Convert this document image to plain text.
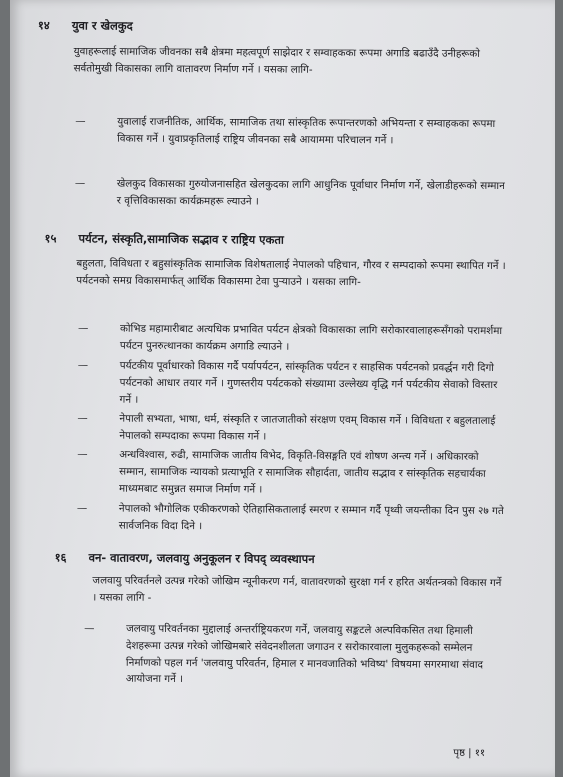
१४ युवा र खेलकुद
युवाहरूलाई सामाजिक जीवनका सबै क्षेत्रमा महत्वपूर्ण साझेदार र सम्वाहकका रूपमा अगाडि बढाउँदै उनीहरूको सर्वतोमुखी विकासका लागि वातावरण निर्माण गर्ने । यसका लागि-
—	युवालाई राजनीतिक, आर्थिक, सामाजिक तथा सांस्कृतिक रूपान्तरणको अभियन्ता र सम्वाहकका रूपमा विकास गर्ने । युवाप्रकृतिलाई राष्ट्रिय जीवनका सबै आयाममा परिचालन गर्ने ।
—	खेलकुद विकासका गुरुयोजनासहित खेलकुदका लागि आधुनिक पूर्वाधार निर्माण गर्ने, खेलाडीहरूको सम्मान र वृत्तिविकासका कार्यक्रमहरू ल्याउने ।
१५ पर्यटन, संस्कृति,सामाजिक सद्भाव र राष्ट्रिय एकता
बहुलता, विविधता र बहुसांस्कृतिक सामाजिक विशेषतालाई नेपालको पहिचान, गौरव र सम्पदाको रूपमा स्थापित गर्ने । पर्यटनको समग्र विकासमार्फत् आर्थिक विकासमा टेवा पुऱ्याउने । यसका लागि-
—	कोभिड महामारीबाट अत्यधिक प्रभावित पर्यटन क्षेत्रको विकासका लागि सरोकारवालाहरूसँगको परामर्शमा पर्यटन पुनरुत्थानका कार्यक्रम अगाडि ल्याउने ।
—	पर्यटकीय पूर्वाधारको विकास गर्दै पर्यापर्यटन, सांस्कृतिक पर्यटन र साहसिक पर्यटनको प्रवर्द्धन गरी दिगो पर्यटनको आधार तयार गर्ने । गुणस्तरीय पर्यटकको संख्यामा उल्लेख्य वृद्धि गर्न पर्यटकीय सेवाको विस्तार गर्ने ।
—	नेपाली सभ्यता, भाषा, धर्म, संस्कृति र जातजातीको संरक्षण एवम् विकास गर्ने । विविधता र बहुलतालाई नेपालको सम्पदाका रूपमा विकास गर्ने ।
—	अन्धविश्वास, रुढी, सामाजिक जातीय विभेद, विकृति-विसङ्गति एवं शोषण अन्त्य गर्ने । अधिकारको सम्मान, सामाजिक न्यायको प्रत्याभूति र सामाजिक सौहार्दता, जातीय सद्भाव र सांस्कृतिक सहचार्यका माध्यमबाट समुन्नत समाज निर्माण गर्ने ।
—	नेपालको भौगोलिक एकीकरणको ऐतिहासिकतालाई स्मरण र सम्मान गर्दै पृथ्वी जयन्तीका दिन पुस २७ गते सार्वजनिक विदा दिने ।
१६ वन- वातावरण, जलवायु अनुकूलन र विपद् व्यवस्थापन
जलवायु परिवर्तनले उत्पन्न गरेको जोखिम न्यूनीकरण गर्न, वातावरणको सुरक्षा गर्न र हरित अर्थतन्त्रको विकास गर्ने । यसका लागि -
—	जलवायु परिवर्तनका मुद्दालाई अन्तर्राष्ट्रियकरण गर्ने, जलवायु सङ्कटले अल्पविकसित तथा हिमाली देशहरूमा उत्पन्न गरेको जोखिमबारे संवेदनशीलता जगाउन र सरोकारवाला मुलुकहरूको सम्मेलन निर्माणको पहल गर्न 'जलवायु परिवर्तन, हिमाल र मानवजातिको भविष्य' विषयमा सगरमाथा संवाद आयोजना गर्ने ।
पृष्ठ | ११
